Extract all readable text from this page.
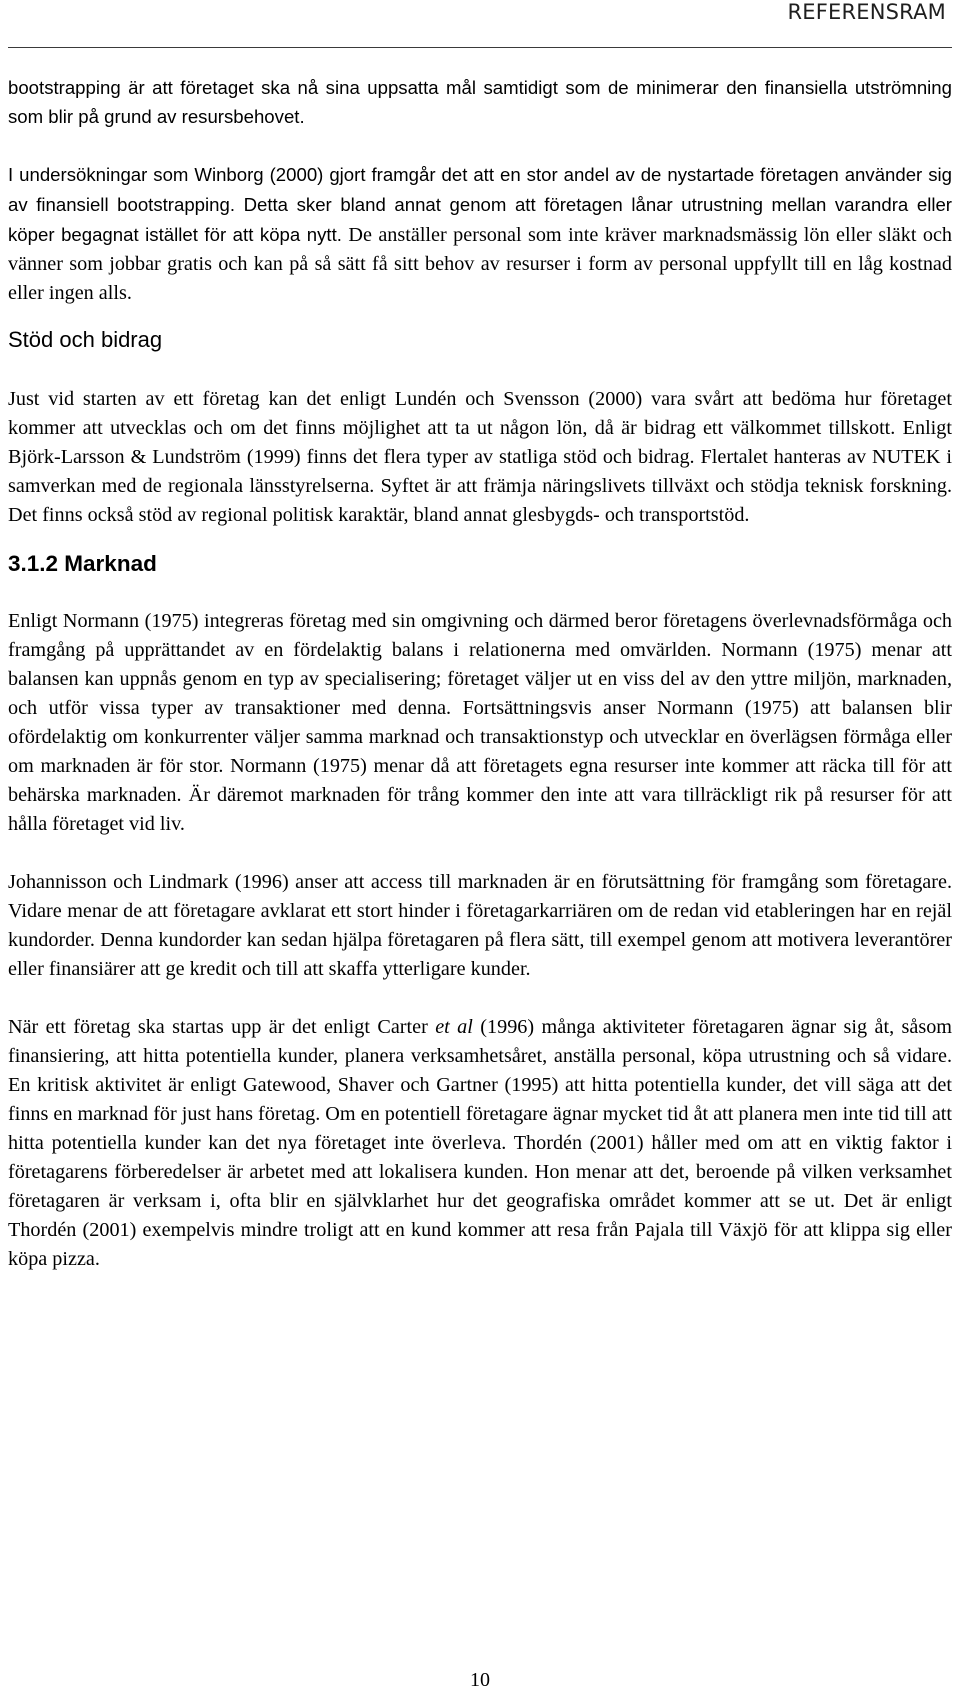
REFERENSRAM

bootstrapping är att företaget ska nå sina uppsatta mål samtidigt som de minimerar den finansiella utströmning som blir på grund av resursbehovet.

I undersökningar som Winborg (2000) gjort framgår det att en stor andel av de nystartade företagen använder sig av finansiell bootstrapping. Detta sker bland annat genom att företagen lånar utrustning mellan varandra eller köper begagnat istället för att köpa nytt. De anställer personal som inte kräver marknadsmässig lön eller släkt och vänner som jobbar gratis och kan på så sätt få sitt behov av resurser i form av personal uppfyllt till en låg kostnad eller ingen alls.

Stöd och bidrag

Just vid starten av ett företag kan det enligt Lundén och Svensson (2000) vara svårt att bedöma hur företaget kommer att utvecklas och om det finns möjlighet att ta ut någon lön, då är bidrag ett välkommet tillskott. Enligt Björk-Larsson & Lundström (1999) finns det flera typer av statliga stöd och bidrag. Flertalet hanteras av NUTEK i samverkan med de regionala länsstyrelserna. Syftet är att främja näringslivets tillväxt och stödja teknisk forskning. Det finns också stöd av regional politisk karaktär, bland annat glesbygds- och transportstöd.

3.1.2 Marknad

Enligt Normann (1975) integreras företag med sin omgivning och därmed beror företagens överlevnadsförmåga och framgång på upprättandet av en fördelaktig balans i relationerna med omvärlden. Normann (1975) menar att balansen kan uppnås genom en typ av specialisering; företaget väljer ut en viss del av den yttre miljön, marknaden, och utför vissa typer av transaktioner med denna. Fortsättningsvis anser Normann (1975) att balansen blir ofördelaktig om konkurrenter väljer samma marknad och transaktionstyp och utvecklar en överlägsen förmåga eller om marknaden är för stor. Normann (1975) menar då att företagets egna resurser inte kommer att räcka till för att behärska marknaden. Är däremot marknaden för trång kommer den inte att vara tillräckligt rik på resurser för att hålla företaget vid liv.

Johannisson och Lindmark (1996) anser att access till marknaden är en förutsättning för framgång som företagare. Vidare menar de att företagare avklarat ett stort hinder i företagarkarriären om de redan vid etableringen har en rejäl kundorder. Denna kundorder kan sedan hjälpa företagaren på flera sätt, till exempel genom att motivera leverantörer eller finansiärer att ge kredit och till att skaffa ytterligare kunder.

När ett företag ska startas upp är det enligt Carter et al (1996) många aktiviteter företagaren ägnar sig åt, såsom finansiering, att hitta potentiella kunder, planera verksamhetsåret, anställa personal, köpa utrustning och så vidare. En kritisk aktivitet är enligt Gatewood, Shaver och Gartner (1995) att hitta potentiella kunder, det vill säga att det finns en marknad för just hans företag. Om en potentiell företagare ägnar mycket tid åt att planera men inte tid till att hitta potentiella kunder kan det nya företaget inte överleva. Thordén (2001) håller med om att en viktig faktor i företagarens förberedelser är arbetet med att lokalisera kunden. Hon menar att det, beroende på vilken verksamhet företagaren är verksam i, ofta blir en självklarhet hur det geografiska området kommer att se ut. Det är enligt Thordén (2001) exempelvis mindre troligt att en kund kommer att resa från Pajala till Växjö för att klippa sig eller köpa pizza.

10
